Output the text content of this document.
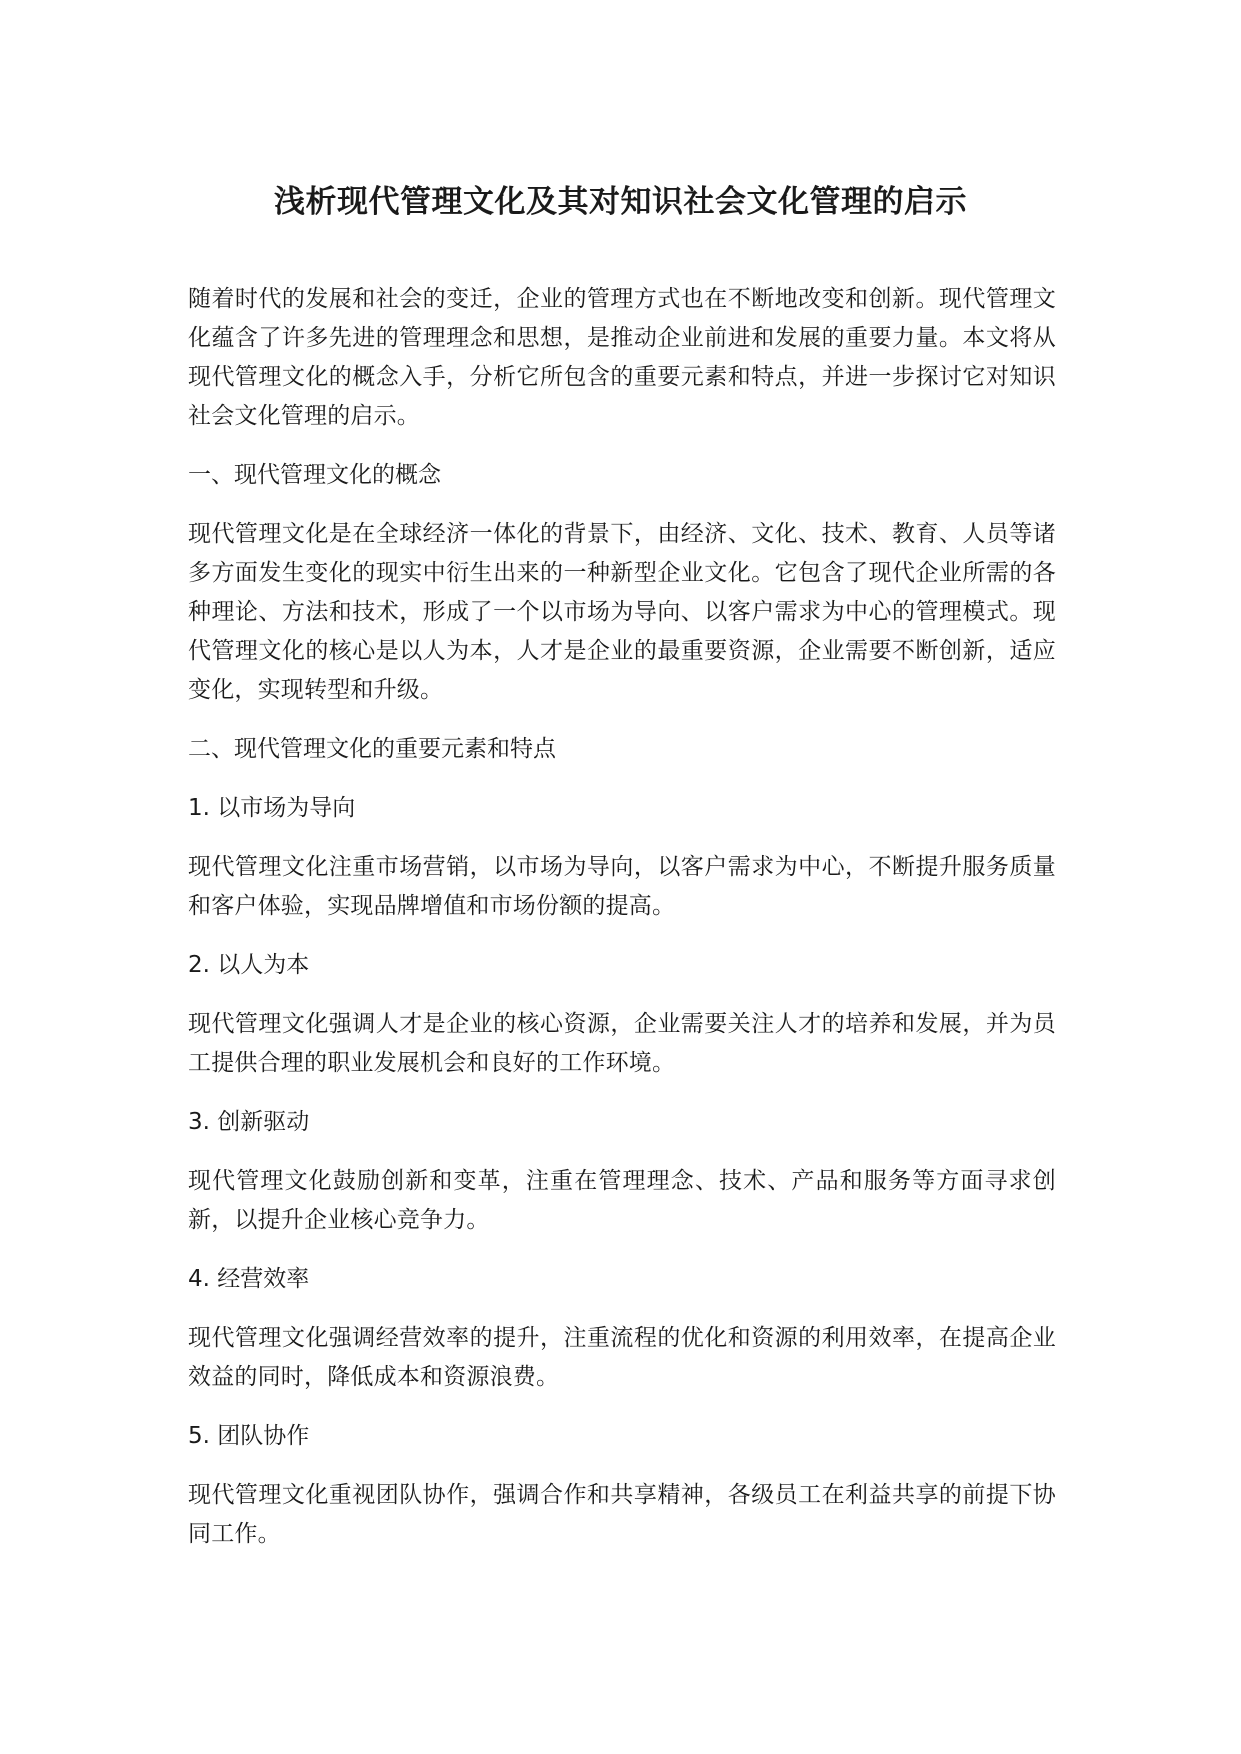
浅析现代管理文化及其对知识社会文化管理的启示

随着时代的发展和社会的变迁，企业的管理方式也在不断地改变和创新。现代管理文化蕴含了许多先进的管理理念和思想，是推动企业前进和发展的重要力量。本文将从现代管理文化的概念入手，分析它所包含的重要元素和特点，并进一步探讨它对知识社会文化管理的启示。

一、现代管理文化的概念

现代管理文化是在全球经济一体化的背景下，由经济、文化、技术、教育、人员等诸多方面发生变化的现实中衍生出来的一种新型企业文化。它包含了现代企业所需的各种理论、方法和技术，形成了一个以市场为导向、以客户需求为中心的管理模式。现代管理文化的核心是以人为本，人才是企业的最重要资源，企业需要不断创新，适应变化，实现转型和升级。

二、现代管理文化的重要元素和特点

1. 以市场为导向

现代管理文化注重市场营销，以市场为导向，以客户需求为中心，不断提升服务质量和客户体验，实现品牌增值和市场份额的提高。

2. 以人为本

现代管理文化强调人才是企业的核心资源，企业需要关注人才的培养和发展，并为员工提供合理的职业发展机会和良好的工作环境。

3. 创新驱动

现代管理文化鼓励创新和变革，注重在管理理念、技术、产品和服务等方面寻求创新，以提升企业核心竞争力。

4. 经营效率

现代管理文化强调经营效率的提升，注重流程的优化和资源的利用效率，在提高企业效益的同时，降低成本和资源浪费。

5. 团队协作

现代管理文化重视团队协作，强调合作和共享精神，各级员工在利益共享的前提下协同工作。
